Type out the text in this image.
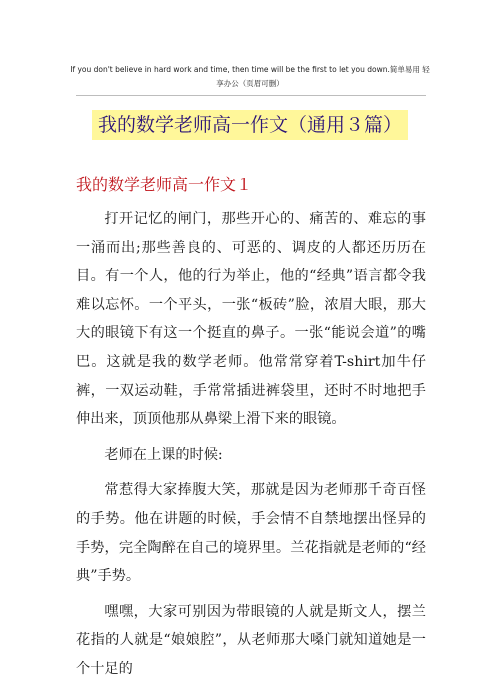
If you don't believe in hard work and time, then time will be the first to let you down.简单易用 轻享办公（页眉可删）
我的数学老师高一作文（通用３篇）
我的数学老师高一作文１

打开记忆的闸门，那些开心的、痛苦的、难忘的事一涌而出;那些善良的、可恶的、调皮的人都还历历在目。有一个人，他的行为举止，他的“经典”语言都令我难以忘怀。一个平头，一张“板砖”脸，浓眉大眼，那大大的眼镜下有这一个挺直的鼻子。一张“能说会道”的嘴巴。这就是我的数学老师。他常常穿着T-shirt加牛仔裤，一双运动鞋，手常常插进裤袋里，还时不时地把手伸出来，顶顶他那从鼻梁上滑下来的眼镜。

老师在上课的时候:

常惹得大家捧腹大笑，那就是因为老师那千奇百怪的手势。他在讲题的时候，手会情不自禁地摆出怪异的手势，完全陶醉在自己的境界里。兰花指就是老师的“经典”手势。

嘿嘿，大家可别因为带眼镜的人就是斯文人，摆兰花指的人就是“娘娘腔”，从老师那大嗓门就知道她是一个十足的
